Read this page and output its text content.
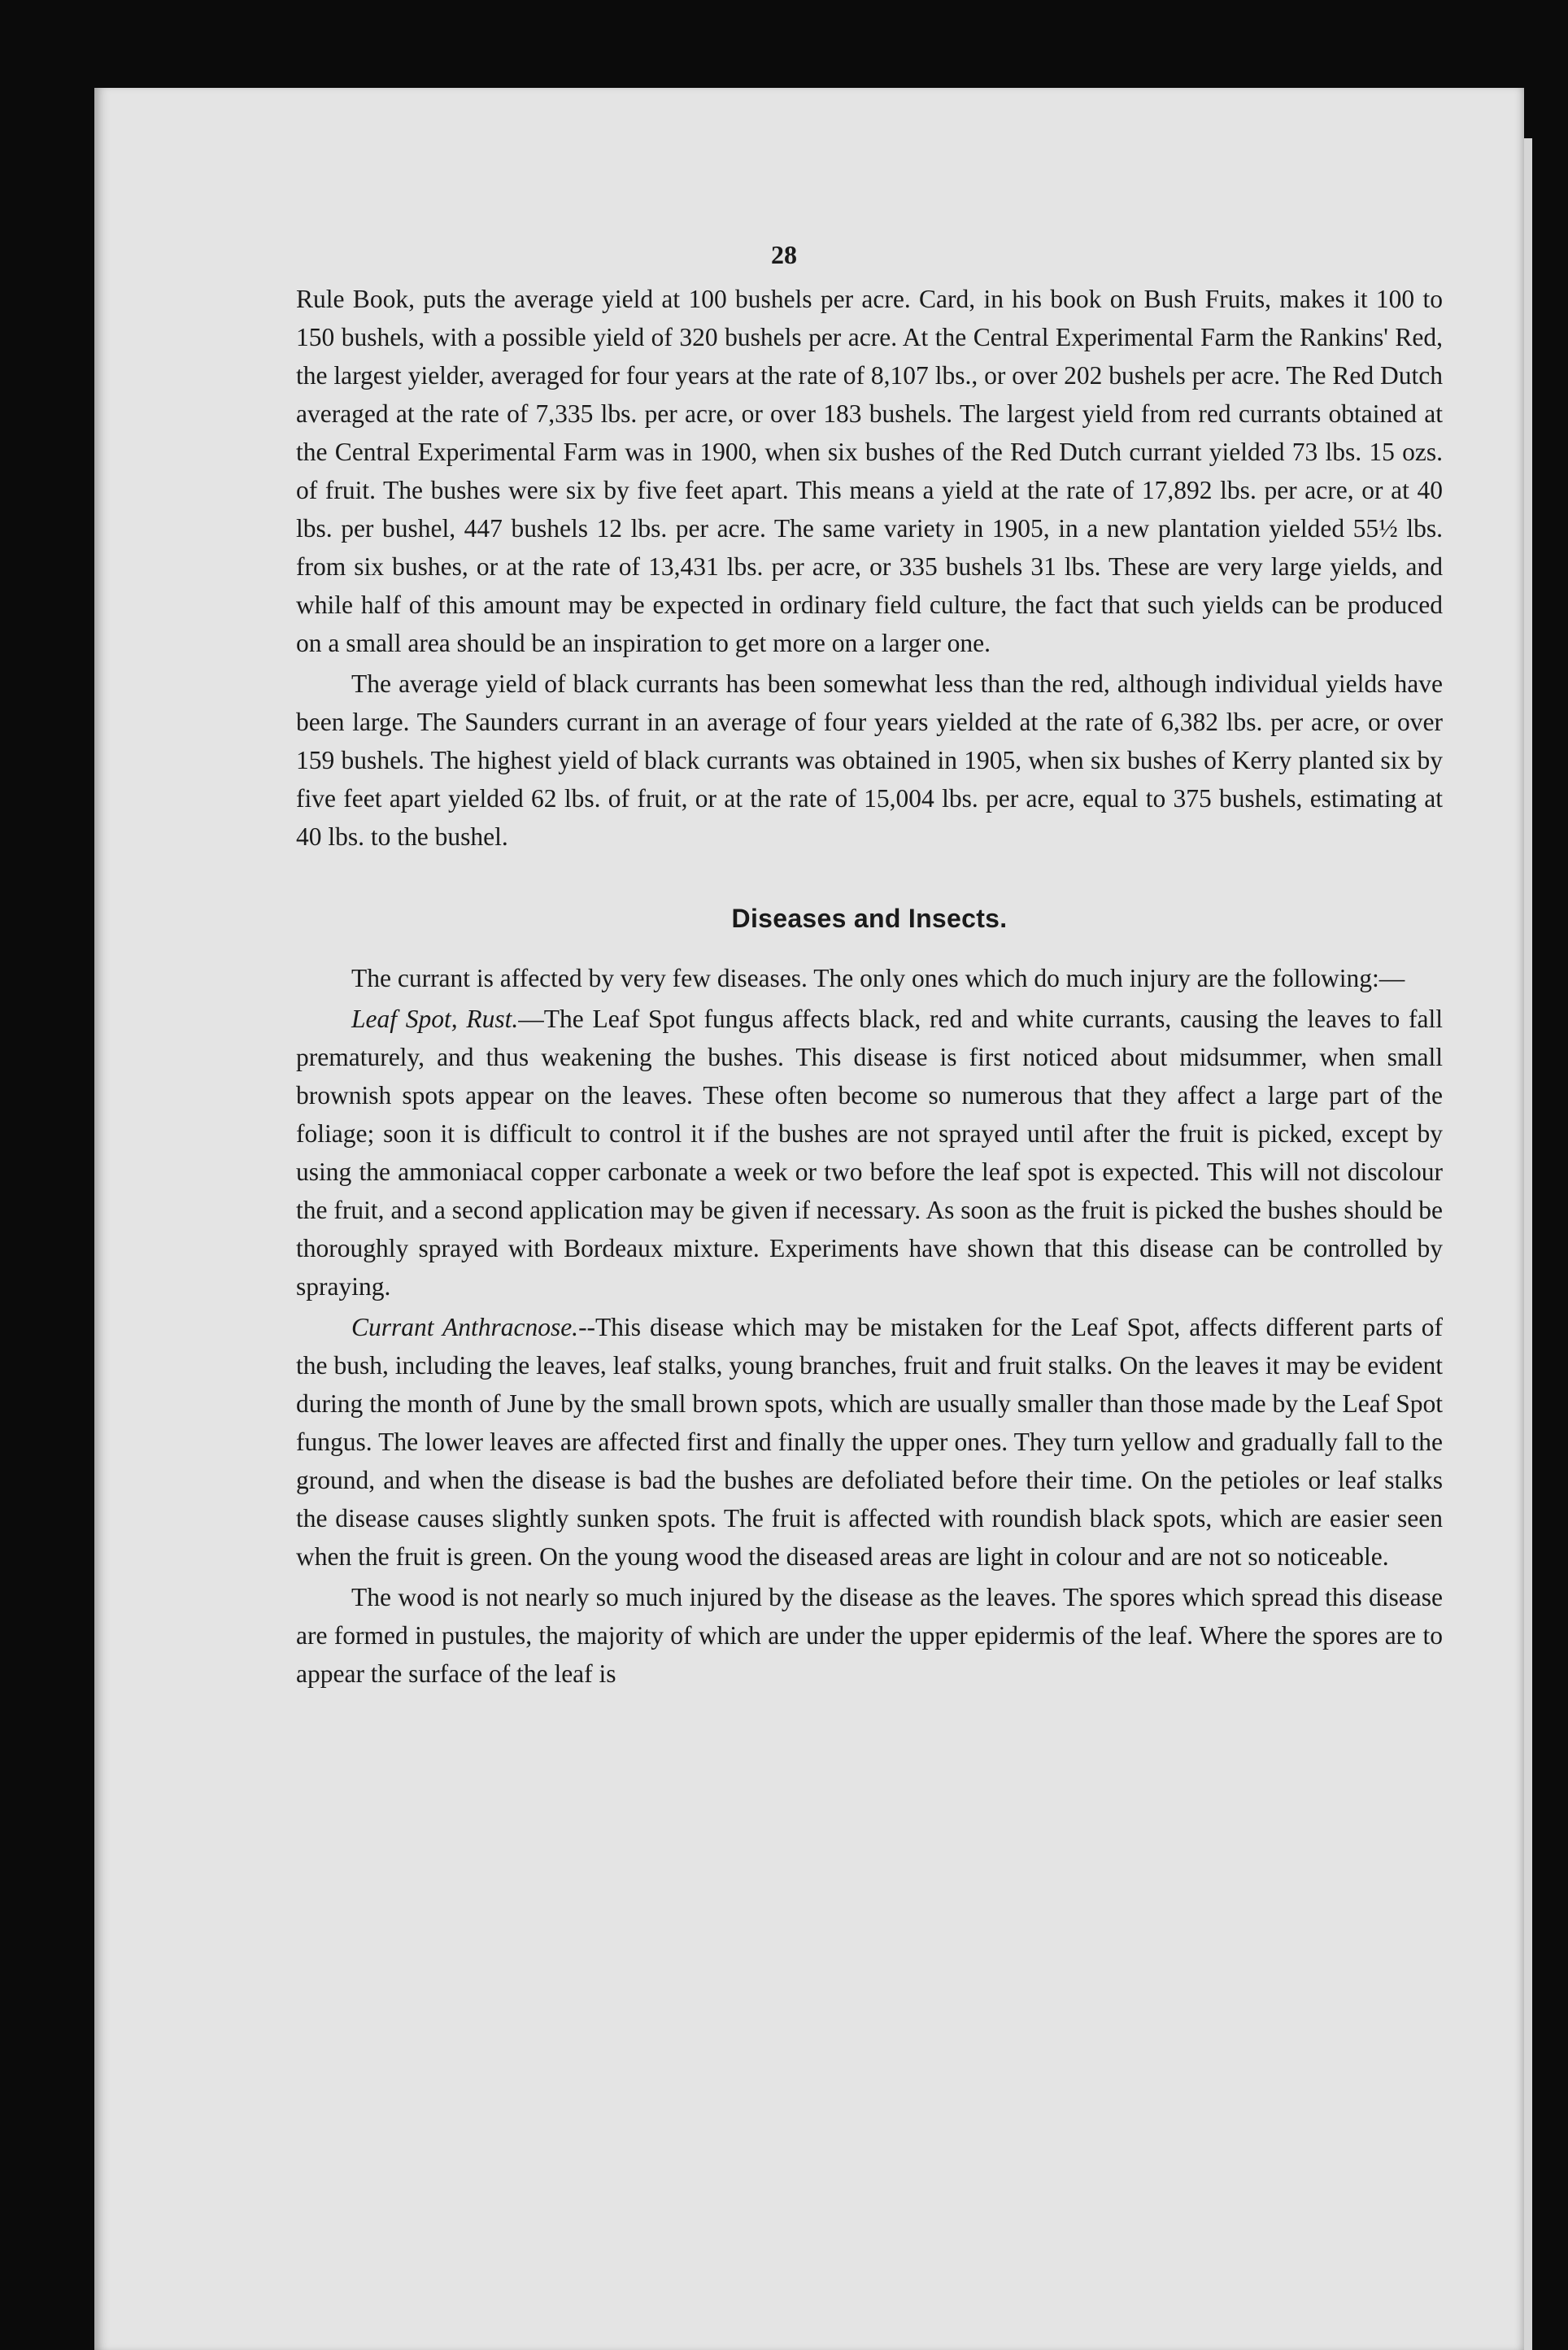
28

Rule Book, puts the average yield at 100 bushels per acre. Card, in his book on Bush Fruits, makes it 100 to 150 bushels, with a possible yield of 320 bushels per acre. At the Central Experimental Farm the Rankins' Red, the largest yielder, averaged for four years at the rate of 8,107 lbs., or over 202 bushels per acre. The Red Dutch averaged at the rate of 7,335 lbs. per acre, or over 183 bushels. The largest yield from red currants obtained at the Central Experimental Farm was in 1900, when six bushes of the Red Dutch currant yielded 73 lbs. 15 ozs. of fruit. The bushes were six by five feet apart. This means a yield at the rate of 17,892 lbs. per acre, or at 40 lbs. per bushel, 447 bushels 12 lbs. per acre. The same variety in 1905, in a new plantation yielded 55½ lbs. from six bushes, or at the rate of 13,431 lbs. per acre, or 335 bushels 31 lbs. These are very large yields, and while half of this amount may be expected in ordinary field culture, the fact that such yields can be produced on a small area should be an inspiration to get more on a larger one.

The average yield of black currants has been somewhat less than the red, although individual yields have been large. The Saunders currant in an average of four years yielded at the rate of 6,382 lbs. per acre, or over 159 bushels. The highest yield of black currants was obtained in 1905, when six bushes of Kerry planted six by five feet apart yielded 62 lbs. of fruit, or at the rate of 15,004 lbs. per acre, equal to 375 bushels, estimating at 40 lbs. to the bushel.

Diseases and Insects.

The currant is affected by very few diseases. The only ones which do much injury are the following:—

Leaf Spot, Rust.—The Leaf Spot fungus affects black, red and white currants, causing the leaves to fall prematurely, and thus weakening the bushes. This disease is first noticed about midsummer, when small brownish spots appear on the leaves. These often become so numerous that they affect a large part of the foliage; soon it is difficult to control it if the bushes are not sprayed until after the fruit is picked, except by using the ammoniacal copper carbonate a week or two before the leaf spot is expected. This will not discolour the fruit, and a second application may be given if necessary. As soon as the fruit is picked the bushes should be thoroughly sprayed with Bordeaux mixture. Experiments have shown that this disease can be controlled by spraying.

Currant Anthracnose.--This disease which may be mistaken for the Leaf Spot, affects different parts of the bush, including the leaves, leaf stalks, young branches, fruit and fruit stalks. On the leaves it may be evident during the month of June by the small brown spots, which are usually smaller than those made by the Leaf Spot fungus. The lower leaves are affected first and finally the upper ones. They turn yellow and gradually fall to the ground, and when the disease is bad the bushes are defoliated before their time. On the petioles or leaf stalks the disease causes slightly sunken spots. The fruit is affected with roundish black spots, which are easier seen when the fruit is green. On the young wood the diseased areas are light in colour and are not so noticeable.

The wood is not nearly so much injured by the disease as the leaves. The spores which spread this disease are formed in pustules, the majority of which are under the upper epidermis of the leaf. Where the spores are to appear the surface of the leaf is
